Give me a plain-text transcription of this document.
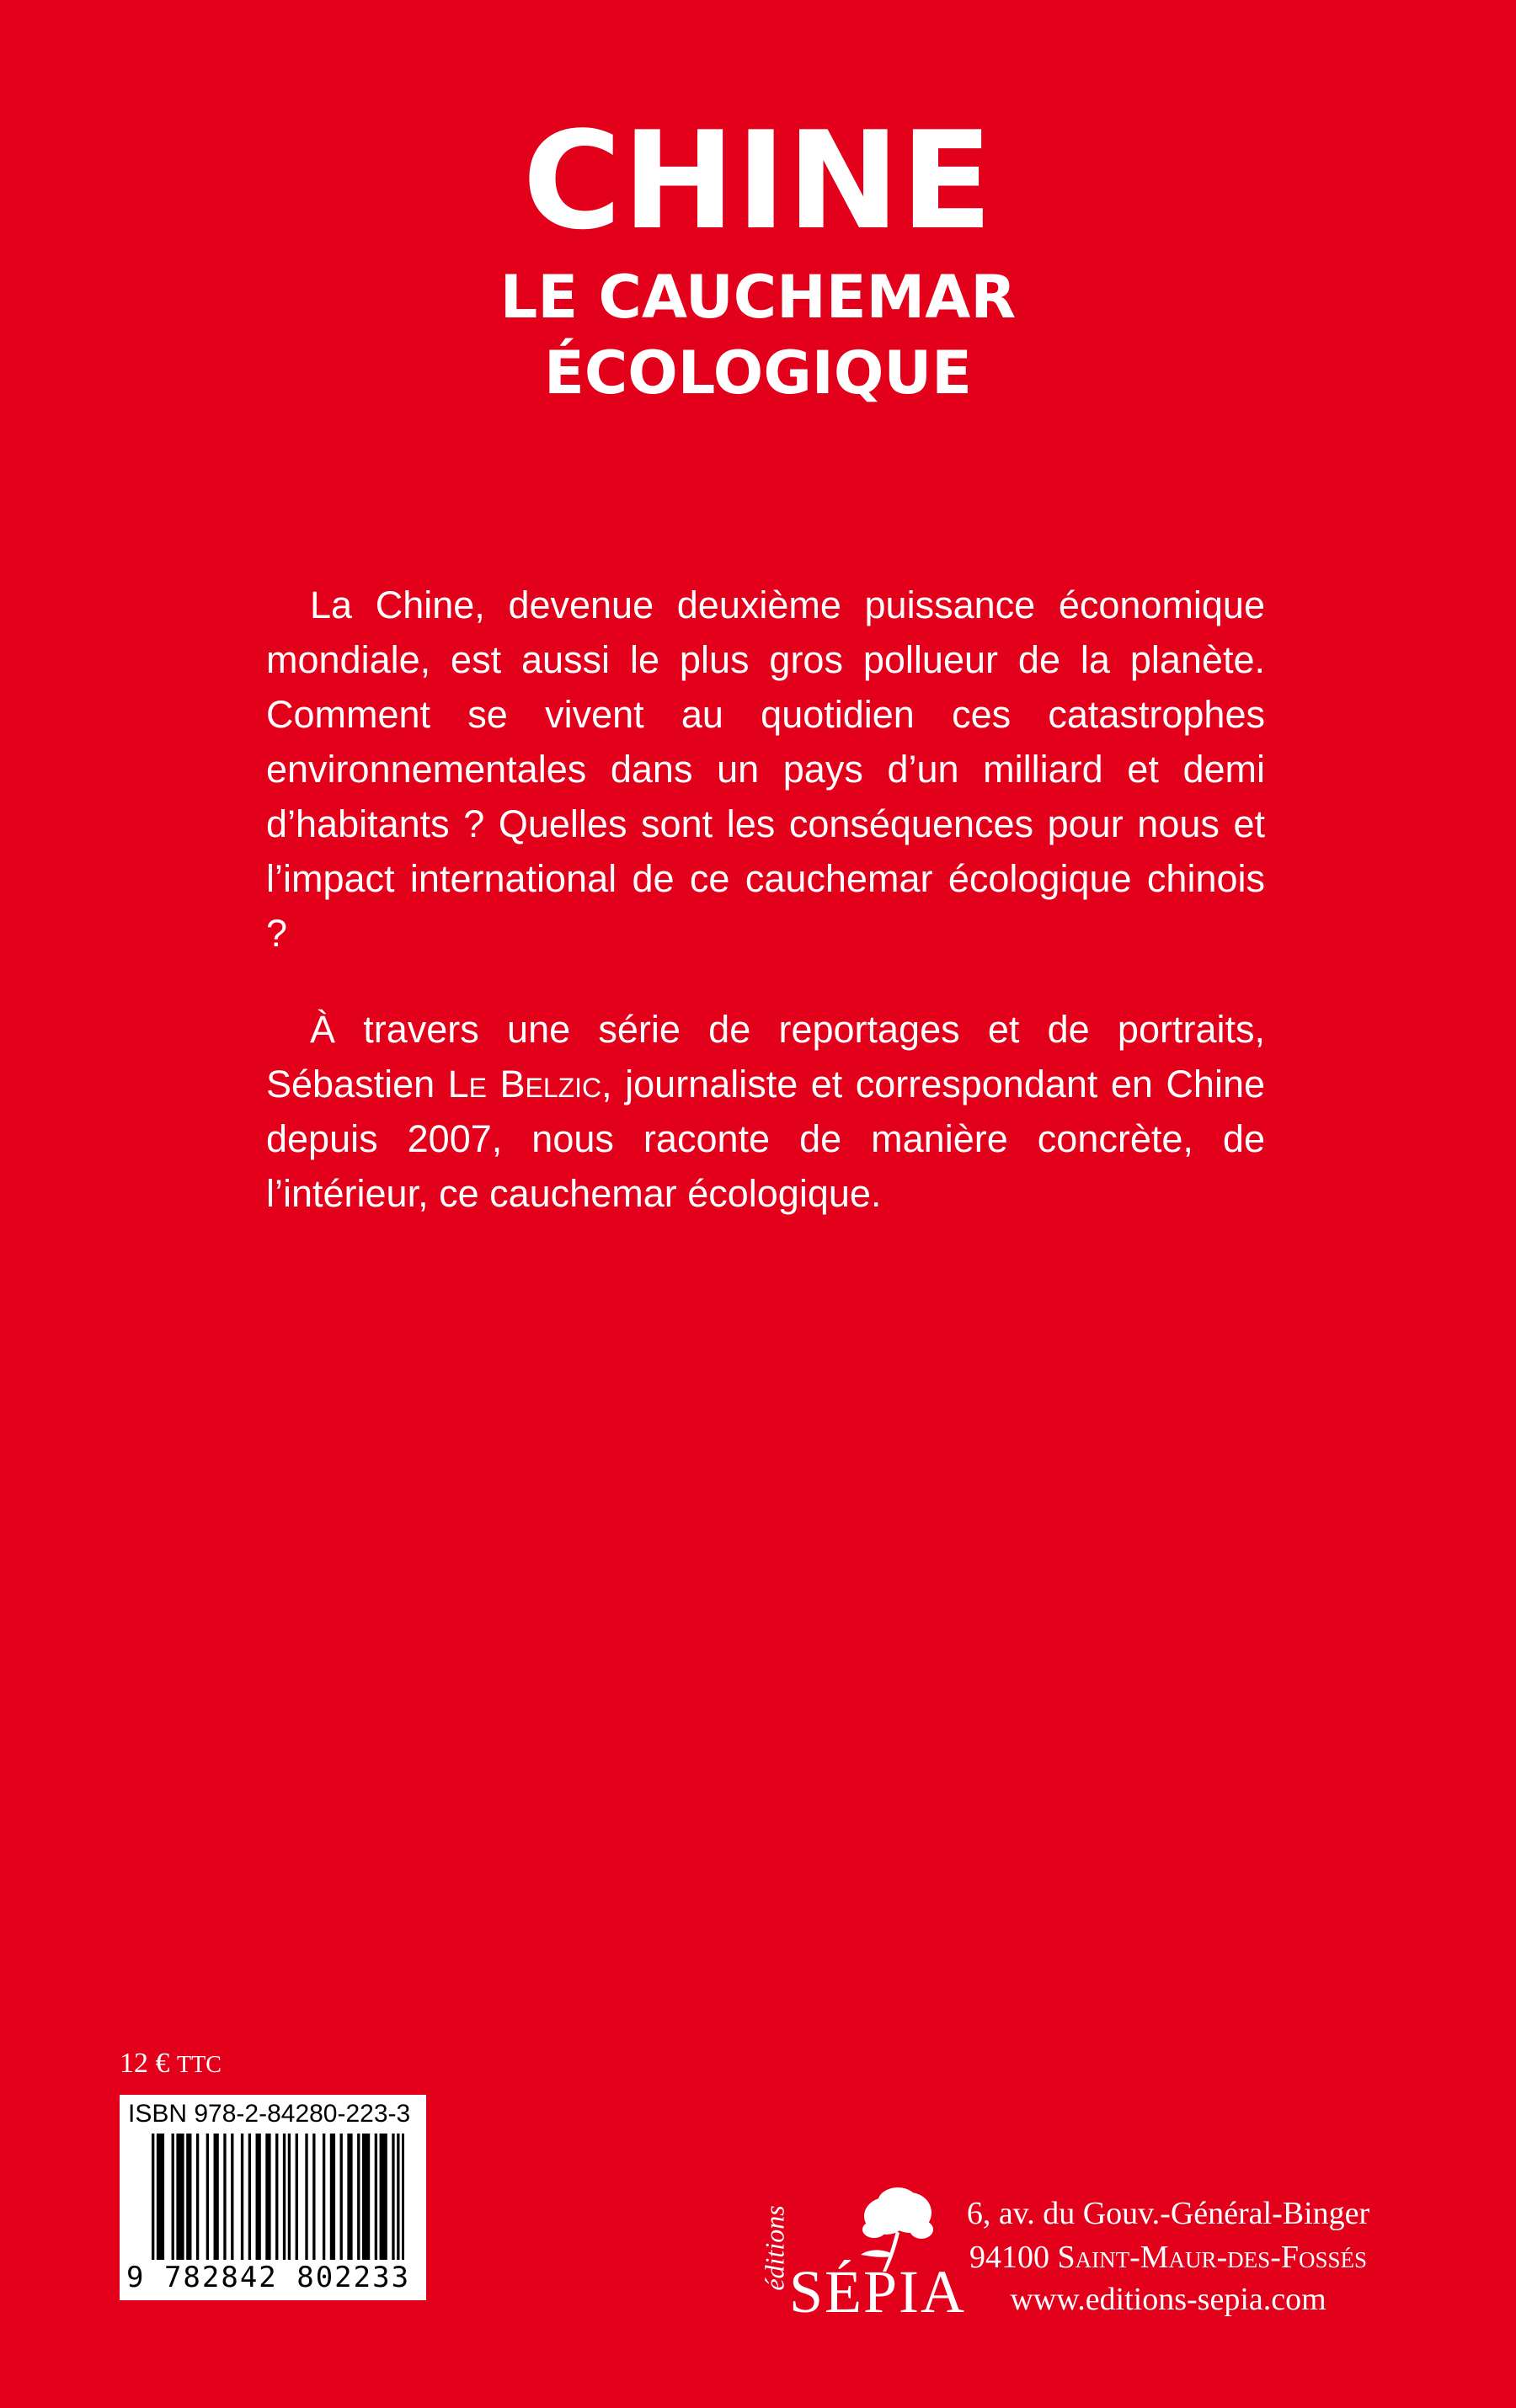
CHINE
LE CAUCHEMAR
ÉCOLOGIQUE

La Chine, devenue deuxième puissance économique mondiale, est aussi le plus gros pollueur de la planète. Comment se vivent au quotidien ces catastrophes environnementales dans un pays d’un milliard et demi d’habitants ? Quelles sont les conséquences pour nous et l’impact international de ce cauchemar écologique chinois ?

À travers une série de reportages et de portraits, Sébastien Le Belzic, journaliste et correspondant en Chine depuis 2007, nous raconte de manière concrète, de l’intérieur, ce cauchemar écologique.

12 € TTC
ISBN 978-2-84280-223-3
9 782842 802233	éditions
SÉPIA
6, av. du Gouv.-Général-Binger
94100 Saint-Maur-des-Fossés
www.editions-sepia.com
